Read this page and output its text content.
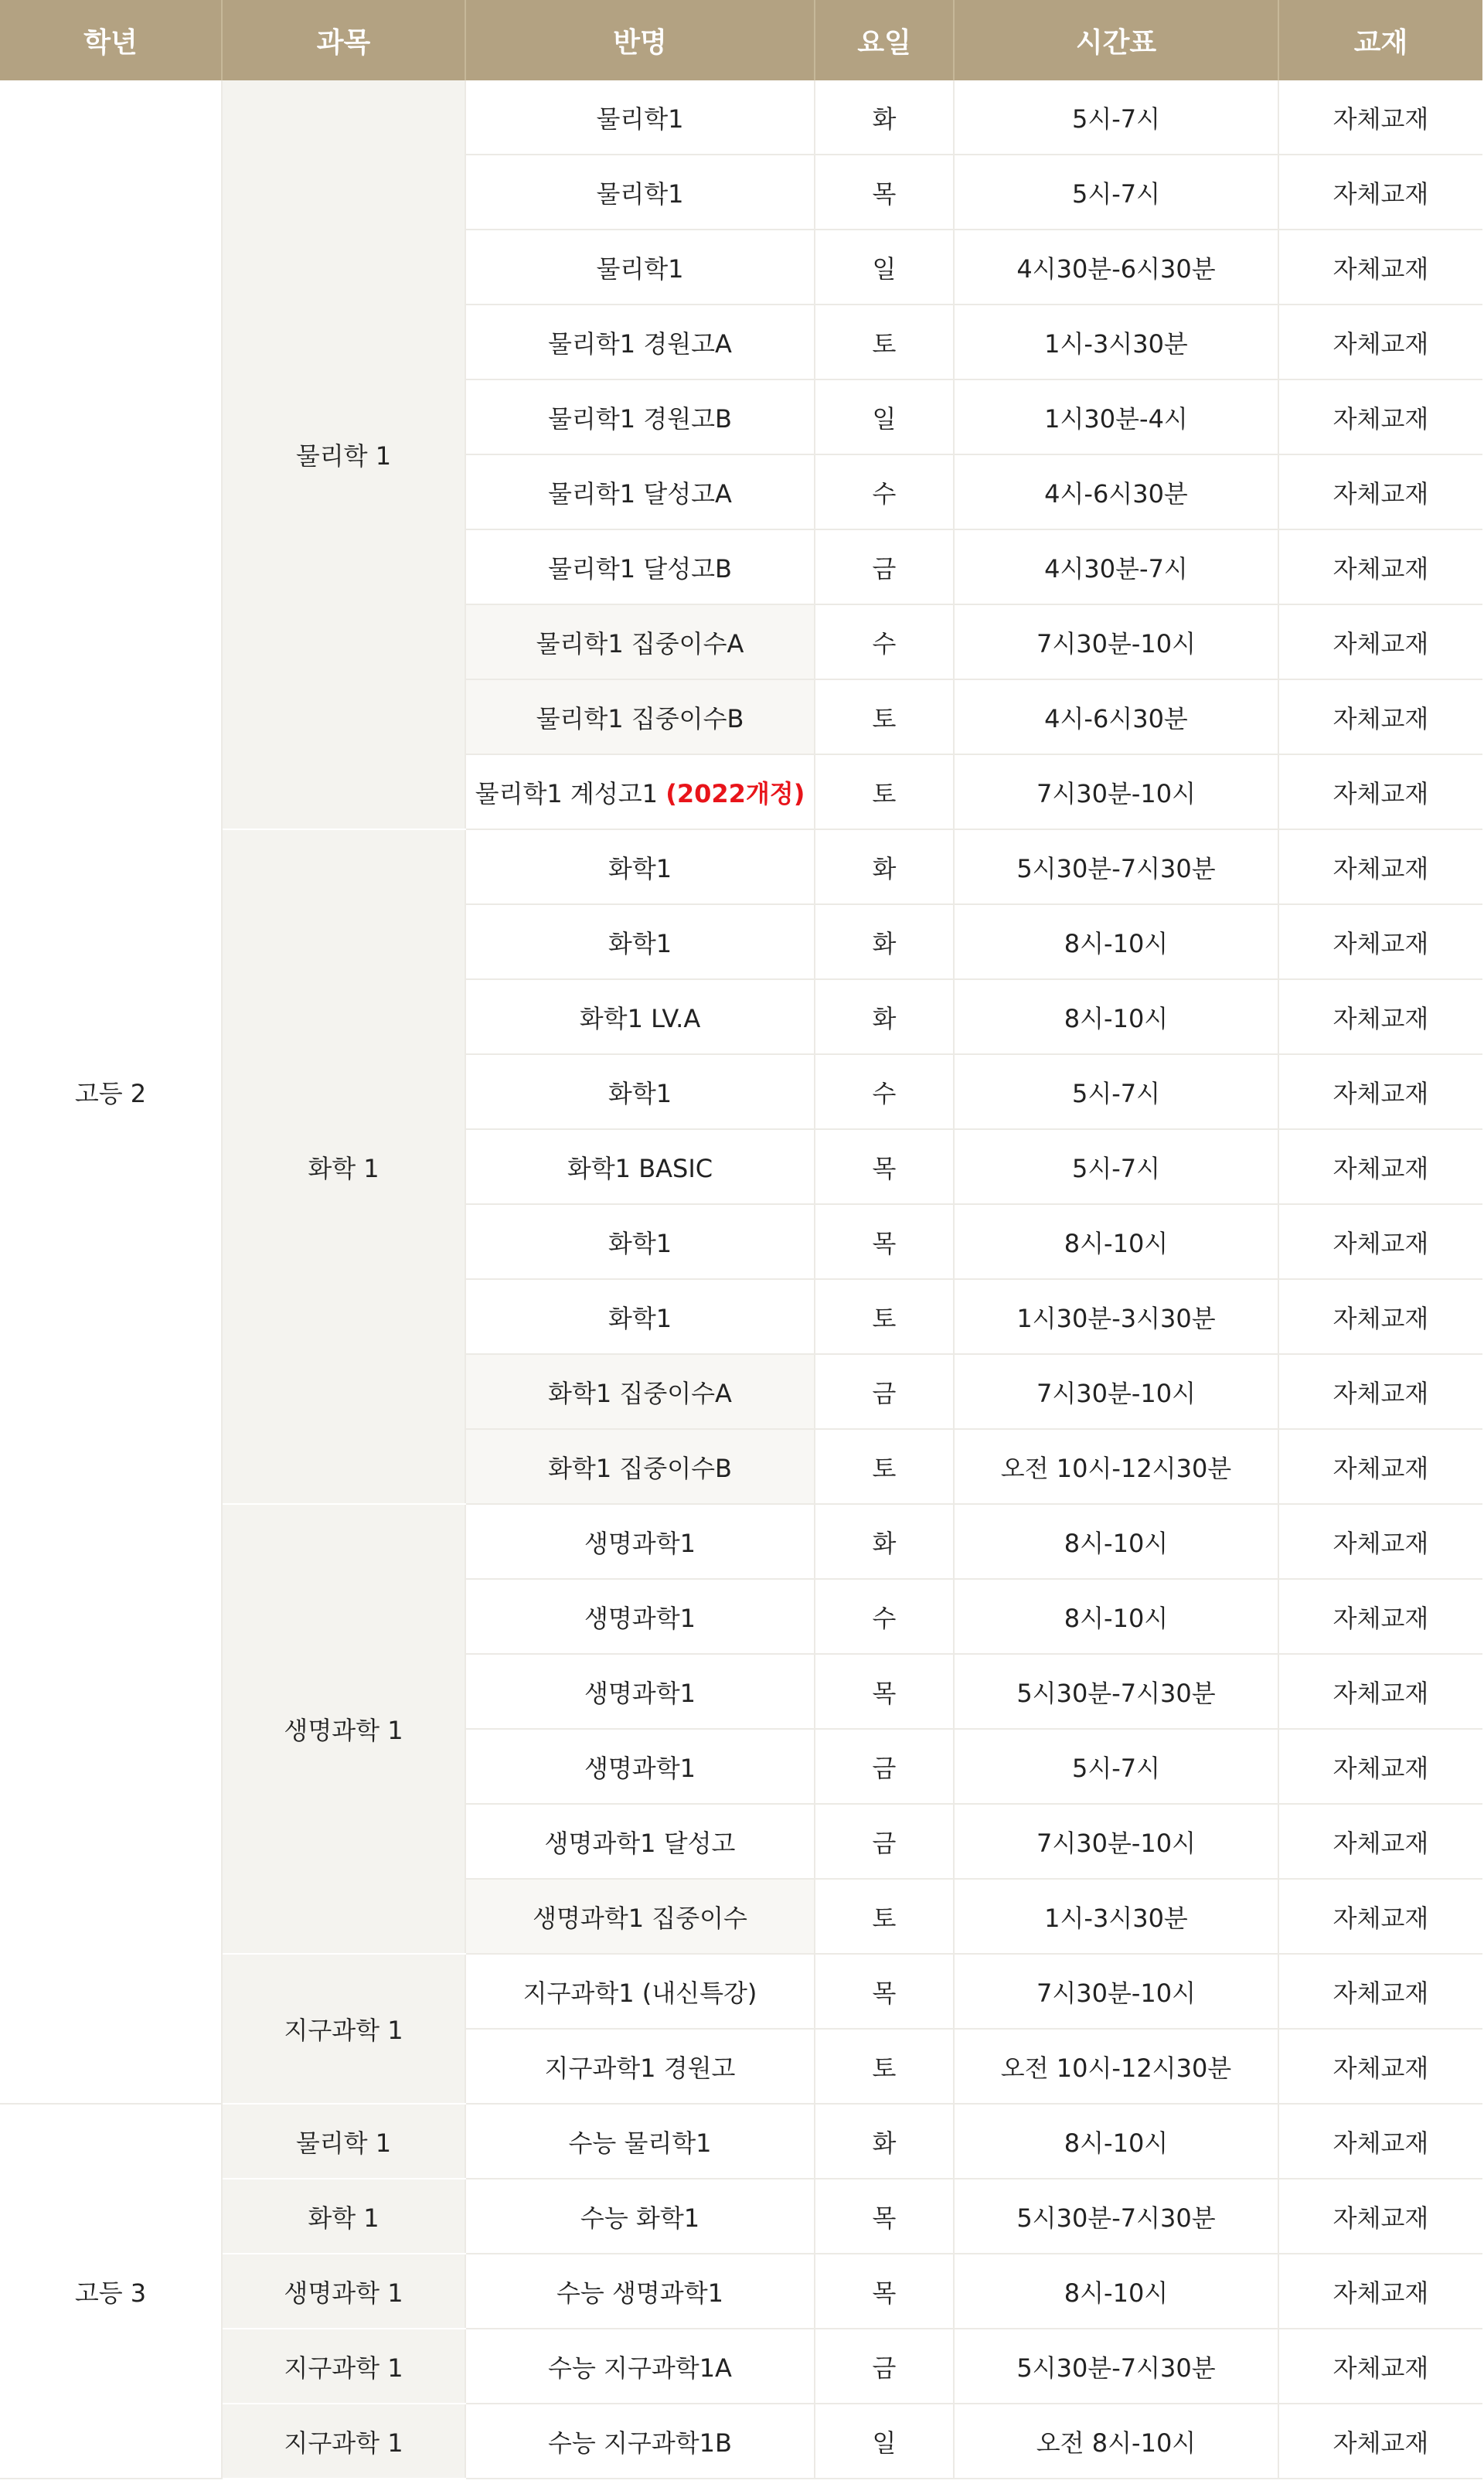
학년	과목	반명	요일	시간표	교재
고등 2	물리학 1	물리학1	화	5시-7시	자체교재
		물리학1	목	5시-7시	자체교재
		물리학1	일	4시30분-6시30분	자체교재
		물리학1 경원고A	토	1시-3시30분	자체교재
		물리학1 경원고B	일	1시30분-4시	자체교재
		물리학1 달성고A	수	4시-6시30분	자체교재
		물리학1 달성고B	금	4시30분-7시	자체교재
		물리학1 집중이수A	수	7시30분-10시	자체교재
		물리학1 집중이수B	토	4시-6시30분	자체교재
		물리학1 계성고1 (2022개정)	토	7시30분-10시	자체교재
	화학 1	화학1	화	5시30분-7시30분	자체교재
		화학1	화	8시-10시	자체교재
		화학1 LV.A	화	8시-10시	자체교재
		화학1	수	5시-7시	자체교재
		화학1 BASIC	목	5시-7시	자체교재
		화학1	목	8시-10시	자체교재
		화학1	토	1시30분-3시30분	자체교재
		화학1 집중이수A	금	7시30분-10시	자체교재
		화학1 집중이수B	토	오전 10시-12시30분	자체교재
	생명과학 1	생명과학1	화	8시-10시	자체교재
		생명과학1	수	8시-10시	자체교재
		생명과학1	목	5시30분-7시30분	자체교재
		생명과학1	금	5시-7시	자체교재
		생명과학1 달성고	금	7시30분-10시	자체교재
		생명과학1 집중이수	토	1시-3시30분	자체교재
	지구과학 1	지구과학1 (내신특강)	목	7시30분-10시	자체교재
		지구과학1 경원고	토	오전 10시-12시30분	자체교재
고등 3	물리학 1	수능 물리학1	화	8시-10시	자체교재
	화학 1	수능 화학1	목	5시30분-7시30분	자체교재
	생명과학 1	수능 생명과학1	목	8시-10시	자체교재
	지구과학 1	수능 지구과학1A	금	5시30분-7시30분	자체교재
	지구과학 1	수능 지구과학1B	일	오전 8시-10시	자체교재
